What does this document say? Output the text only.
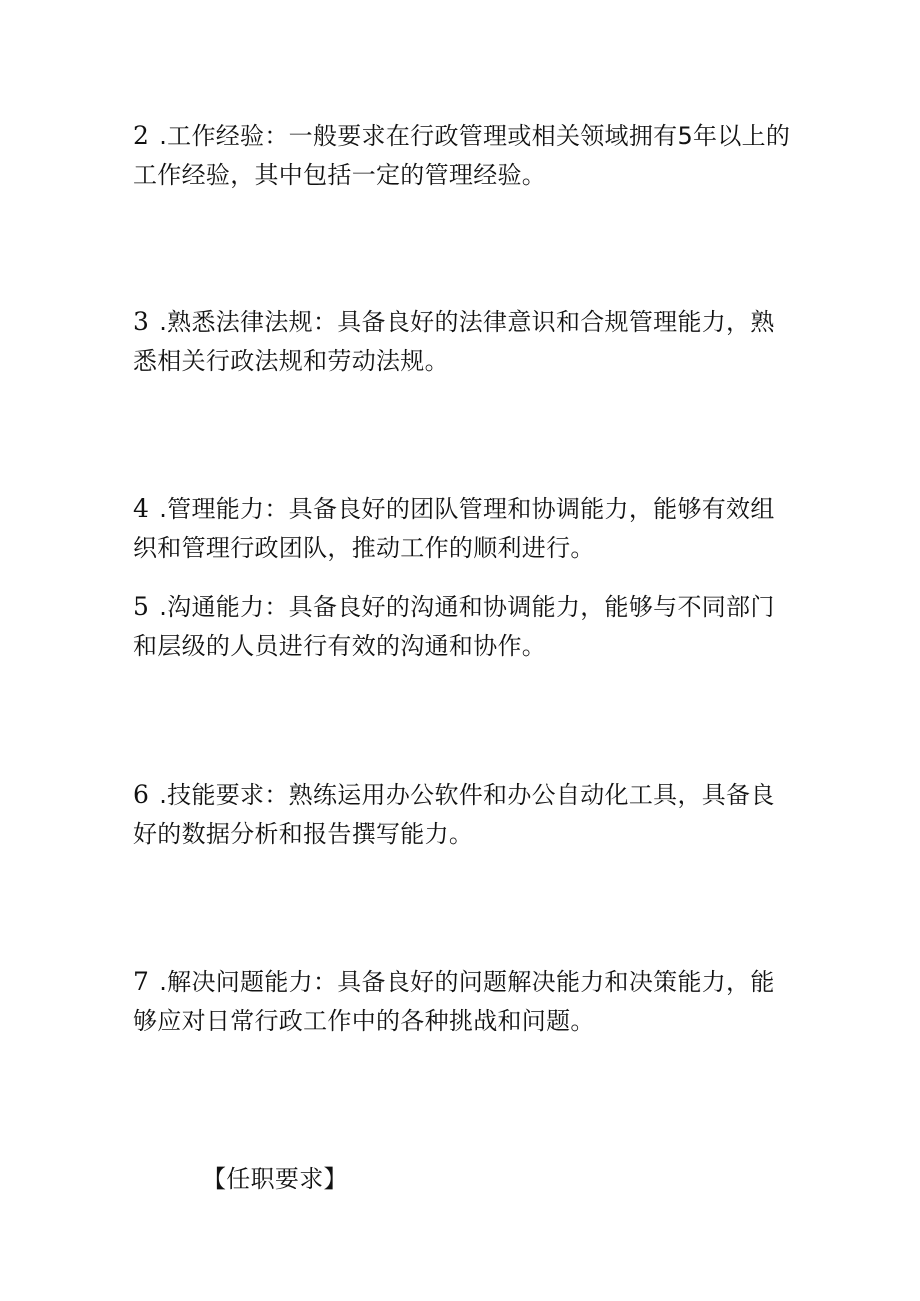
2 .工作经验：一般要求在行政管理或相关领域拥有5年以上的工作经验，其中包括一定的管理经验。
3 .熟悉法律法规：具备良好的法律意识和合规管理能力，熟悉相关行政法规和劳动法规。
4 .管理能力：具备良好的团队管理和协调能力，能够有效组织和管理行政团队，推动工作的顺利进行。
5 .沟通能力：具备良好的沟通和协调能力，能够与不同部门和层级的人员进行有效的沟通和协作。
6 .技能要求：熟练运用办公软件和办公自动化工具，具备良好的数据分析和报告撰写能力。
7 .解决问题能力：具备良好的问题解决能力和决策能力，能够应对日常行政工作中的各种挑战和问题。
【任职要求】
